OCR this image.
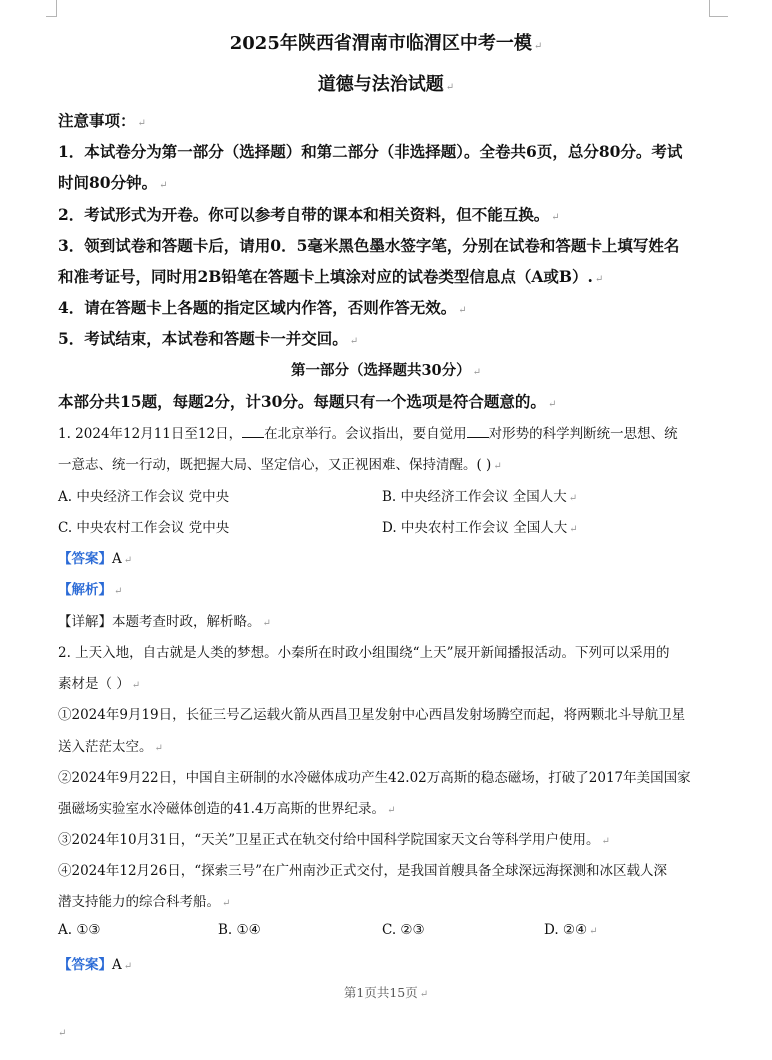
2025年陕西省渭南市临渭区中考一模 ↵
道德与法治试题 ↵
注意事项： ↵
1．本试卷分为第一部分（选择题）和第二部分（非选择题）。全卷共6页，总分80分。考试
时间80分钟。 ↵
2．考试形式为开卷。你可以参考自带的课本和相关资料，但不能互换。 ↵
3．领到试卷和答题卡后，请用0．5毫米黑色墨水签字笔，分别在试卷和答题卡上填写姓名
和准考证号，同时用2B铅笔在答题卡上填涂对应的试卷类型信息点（A或B）. ↵
4．请在答题卡上各题的指定区域内作答，否则作答无效。 ↵
5．考试结束，本试卷和答题卡一并交回。 ↵
第一部分（选择题共30分） ↵
本部分共15题，每题2分，计30分。每题只有一个选项是符合题意的。 ↵
1. 2024年12月11日至12日， 在北京举行。会议指出，要自觉用 对形势的科学判断统一思想、统
一意志、统一行动，既把握大局、坚定信心，又正视困难、保持清醒。( ) ↵
A. 中央经济工作会议 党中央	B. 中央经济工作会议 全国人大 ↵
C. 中央农村工作会议 党中央	D. 中央农村工作会议 全国人大 ↵
【答案】A ↵
【解析】 ↵
【详解】本题考查时政，解析略。 ↵
2. 上天入地，自古就是人类的梦想。小秦所在时政小组围绕“上天”展开新闻播报活动。下列可以采用的
素材是（ ） ↵
①2024年9月19日，长征三号乙运载火箭从西昌卫星发射中心西昌发射场腾空而起，将两颗北斗导航卫星
送入茫茫太空。 ↵
②2024年9月22日，中国自主研制的水冷磁体成功产生42.02万高斯的稳态磁场，打破了2017年美国国家
强磁场实验室水冷磁体创造的41.4万高斯的世界纪录。 ↵
③2024年10月31日，“天关”卫星正式在轨交付给中国科学院国家天文台等科学用户使用。 ↵
④2024年12月26日，“探索三号”在广州南沙正式交付，是我国首艘具备全球深远海探测和冰区载人深
潜支持能力的综合科考船。 ↵
A. ①③	B. ①④	C. ②③	D. ②④ ↵
【答案】A ↵
第1页共15页 ↵
↵
